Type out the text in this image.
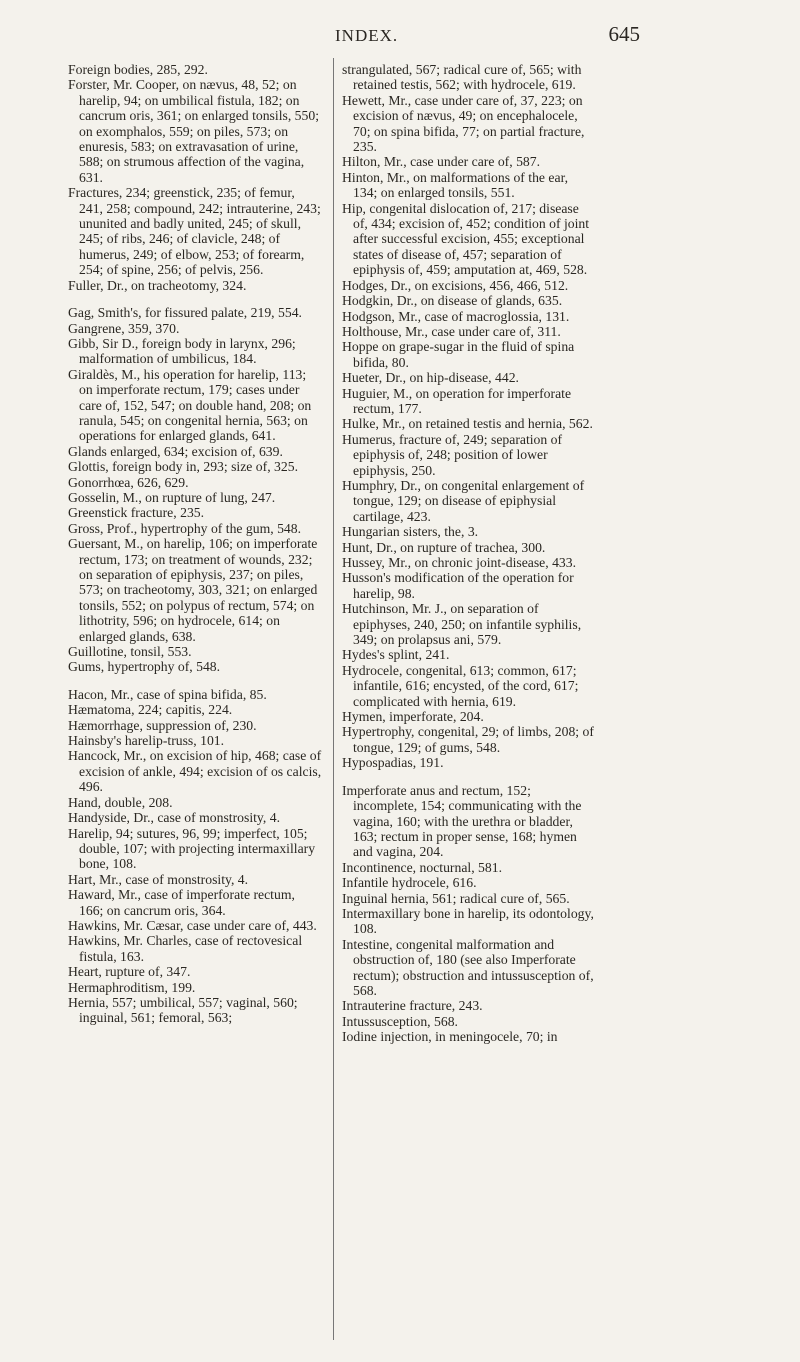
INDEX.	645

Foreign bodies, 285, 292.

Forster, Mr. Cooper, on nævus, 48, 52; on harelip, 94; on umbilical fistula, 182; on cancrum oris, 361; on enlarged tonsils, 550; on exomphalos, 559; on piles, 573; on enuresis, 583; on extravasation of urine, 588; on strumous affection of the vagina, 631.

Fractures, 234; greenstick, 235; of femur, 241, 258; compound, 242; intrauterine, 243; ununited and badly united, 245; of skull, 245; of ribs, 246; of clavicle, 248; of humerus, 249; of elbow, 253; of forearm, 254; of spine, 256; of pelvis, 256.

Fuller, Dr., on tracheotomy, 324.

Gag, Smith's, for fissured palate, 219, 554.

Gangrene, 359, 370.

Gibb, Sir D., foreign body in larynx, 296; malformation of umbilicus, 184.

Giraldès, M., his operation for harelip, 113; on imperforate rectum, 179; cases under care of, 152, 547; on double hand, 208; on ranula, 545; on congenital hernia, 563; on operations for enlarged glands, 641.

Glands enlarged, 634; excision of, 639.

Glottis, foreign body in, 293; size of, 325.

Gonorrhœa, 626, 629.

Gosselin, M., on rupture of lung, 247.

Greenstick fracture, 235.

Gross, Prof., hypertrophy of the gum, 548.

Guersant, M., on harelip, 106; on imperforate rectum, 173; on treatment of wounds, 232; on separation of epiphysis, 237; on piles, 573; on tracheotomy, 303, 321; on enlarged tonsils, 552; on polypus of rectum, 574; on lithotrity, 596; on hydrocele, 614; on enlarged glands, 638.

Guillotine, tonsil, 553.

Gums, hypertrophy of, 548.

Hacon, Mr., case of spina bifida, 85.

Hæmatoma, 224; capitis, 224.

Hæmorrhage, suppression of, 230.

Hainsby's harelip-truss, 101.

Hancock, Mr., on excision of hip, 468; case of excision of ankle, 494; excision of os calcis, 496.

Hand, double, 208.

Handyside, Dr., case of monstrosity, 4.

Harelip, 94; sutures, 96, 99; imperfect, 105; double, 107; with projecting intermaxillary bone, 108.

Hart, Mr., case of monstrosity, 4.

Haward, Mr., case of imperforate rectum, 166; on cancrum oris, 364.

Hawkins, Mr. Cæsar, case under care of, 443.

Hawkins, Mr. Charles, case of rectovesical fistula, 163.

Heart, rupture of, 347.

Hermaphroditism, 199.

Hernia, 557; umbilical, 557; vaginal, 560; inguinal, 561; femoral, 563;

strangulated, 567; radical cure of, 565; with retained testis, 562; with hydrocele, 619.

Hewett, Mr., case under care of, 37, 223; on excision of nævus, 49; on encephalocele, 70; on spina bifida, 77; on partial fracture, 235.

Hilton, Mr., case under care of, 587.

Hinton, Mr., on malformations of the ear, 134; on enlarged tonsils, 551.

Hip, congenital dislocation of, 217; disease of, 434; excision of, 452; condition of joint after successful excision, 455; exceptional states of disease of, 457; separation of epiphysis of, 459; amputation at, 469, 528.

Hodges, Dr., on excisions, 456, 466, 512.

Hodgkin, Dr., on disease of glands, 635.

Hodgson, Mr., case of macroglossia, 131.

Holthouse, Mr., case under care of, 311.

Hoppe on grape-sugar in the fluid of spina bifida, 80.

Hueter, Dr., on hip-disease, 442.

Huguier, M., on operation for imperforate rectum, 177.

Hulke, Mr., on retained testis and hernia, 562.

Humerus, fracture of, 249; separation of epiphysis of, 248; position of lower epiphysis, 250.

Humphry, Dr., on congenital enlargement of tongue, 129; on disease of epiphysial cartilage, 423.

Hungarian sisters, the, 3.

Hunt, Dr., on rupture of trachea, 300.

Hussey, Mr., on chronic joint-disease, 433.

Husson's modification of the operation for harelip, 98.

Hutchinson, Mr. J., on separation of epiphyses, 240, 250; on infantile syphilis, 349; on prolapsus ani, 579.

Hydes's splint, 241.

Hydrocele, congenital, 613; common, 617; infantile, 616; encysted, of the cord, 617; complicated with hernia, 619.

Hymen, imperforate, 204.

Hypertrophy, congenital, 29; of limbs, 208; of tongue, 129; of gums, 548.

Hypospadias, 191.

Imperforate anus and rectum, 152; incomplete, 154; communicating with the vagina, 160; with the urethra or bladder, 163; rectum in proper sense, 168; hymen and vagina, 204.

Incontinence, nocturnal, 581.

Infantile hydrocele, 616.

Inguinal hernia, 561; radical cure of, 565.

Intermaxillary bone in harelip, its odontology, 108.

Intestine, congenital malformation and obstruction of, 180 (see also Imperforate rectum); obstruction and intussusception of, 568.

Intrauterine fracture, 243.

Intussusception, 568.

Iodine injection, in meningocele, 70; in
